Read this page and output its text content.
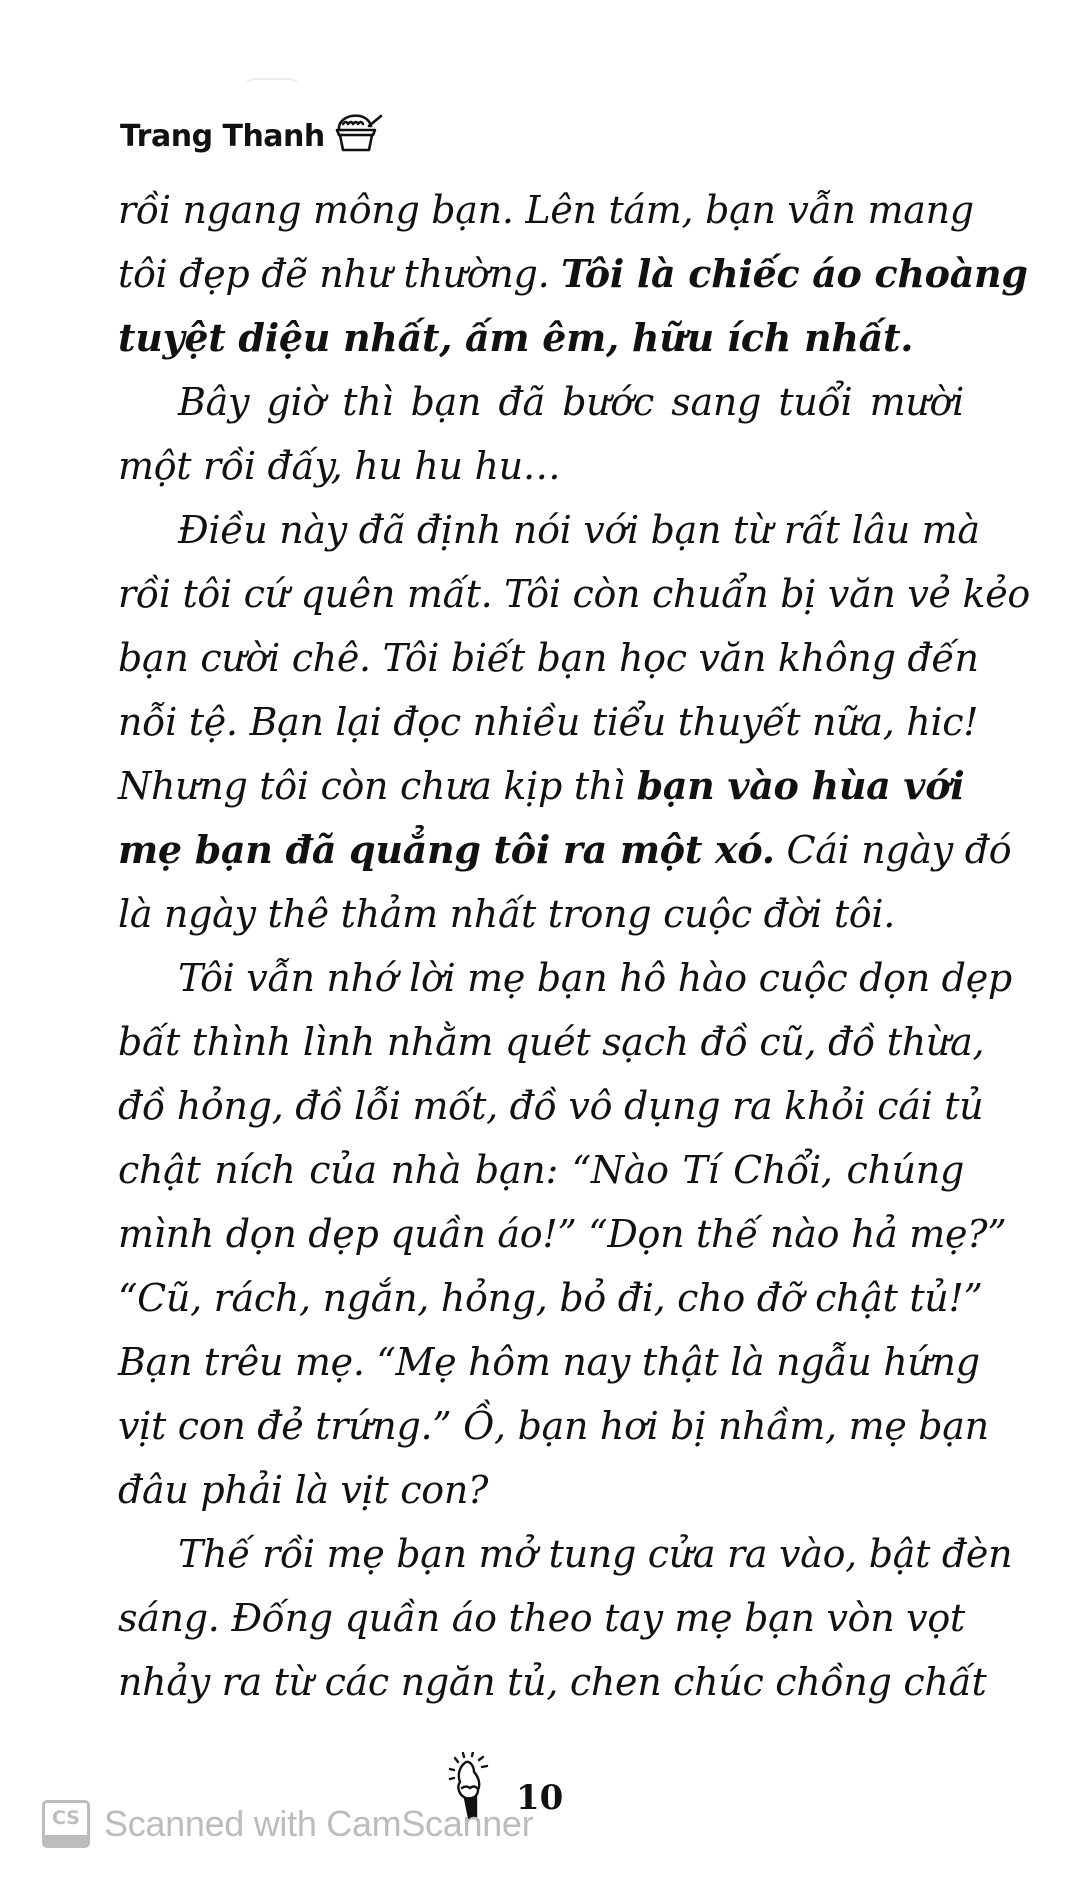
Trang Thanh
rồi ngang mông bạn. Lên tám, bạn vẫn mang
tôi đẹp đẽ như thường. Tôi là chiếc áo choàng
tuyệt diệu nhất, ấm êm, hữu ích nhất.
Bây giờ thì bạn đã bước sang tuổi mười
một rồi đấy, hu hu hu…
Điều này đã định nói với bạn từ rất lâu mà
rồi tôi cứ quên mất. Tôi còn chuẩn bị văn vẻ kẻo
bạn cười chê. Tôi biết bạn học văn không đến
nỗi tệ. Bạn lại đọc nhiều tiểu thuyết nữa, hic!
Nhưng tôi còn chưa kịp thì bạn vào hùa với
mẹ bạn đã quẳng tôi ra một xó. Cái ngày đó
là ngày thê thảm nhất trong cuộc đời tôi.
Tôi vẫn nhớ lời mẹ bạn hô hào cuộc dọn dẹp
bất thình lình nhằm quét sạch đồ cũ, đồ thừa,
đồ hỏng, đồ lỗi mốt, đồ vô dụng ra khỏi cái tủ
chật ních của nhà bạn: “Nào Tí Chổi, chúng
mình dọn dẹp quần áo!” “Dọn thế nào hả mẹ?”
“Cũ, rách, ngắn, hỏng, bỏ đi, cho đỡ chật tủ!”
Bạn trêu mẹ. “Mẹ hôm nay thật là ngẫu hứng
vịt con đẻ trứng.” Ồ, bạn hơi bị nhầm, mẹ bạn
đâu phải là vịt con?
Thế rồi mẹ bạn mở tung cửa ra vào, bật đèn
sáng. Đống quần áo theo tay mẹ bạn vòn vọt
nhảy ra từ các ngăn tủ, chen chúc chồng chất
10
CS Scanned with CamScanner
